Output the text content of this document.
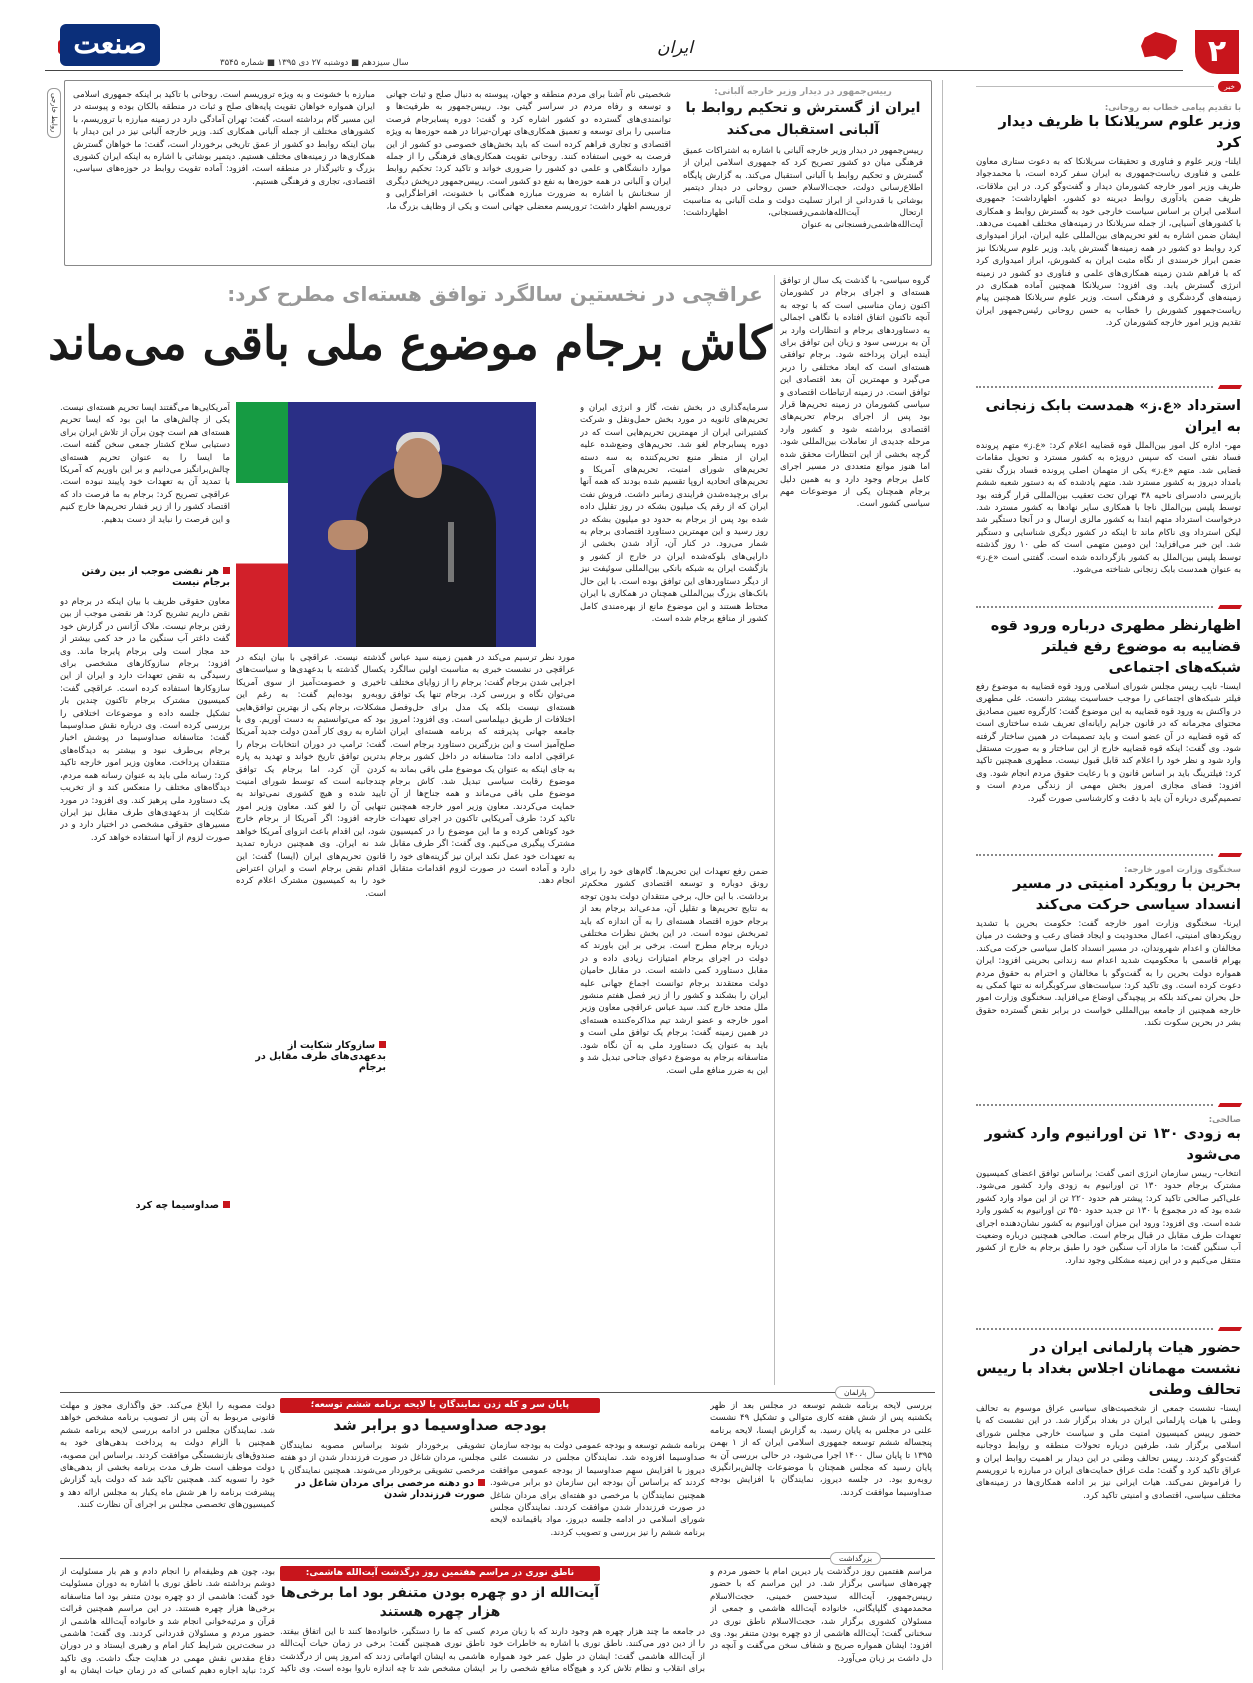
۲
ایران
صنعت
سال سیزدهم ■ دوشنبه ۲۷ دی ۱۳۹۵ ■ شماره ۳۵۴۵
روابط خارجی
خبر
با تقدیم پیامی خطاب به روحانی:
وزیر علوم سریلانکا با ظریف دیدار کرد
ایلنا- وزیر علوم و فناوری و تحقیقات سریلانکا که به دعوت ستاری معاون علمی و فناوری ریاست‌جمهوری به ایران سفر کرده است، با محمدجواد ظریف وزیر امور خارجه کشورمان دیدار و گفت‌وگو کرد. در این ملاقات، ظریف ضمن یادآوری روابط دیرینه دو کشور، اظهارداشت: جمهوری اسلامی ایران بر اساس سیاست خارجی خود به گسترش روابط و همکاری با کشورهای آسیایی، از جمله سریلانکا در زمینه‌های مختلف اهمیت می‌دهد. ایشان ضمن اشاره به لغو تحریم‌های بین‌المللی علیه ایران، ابراز امیدواری کرد روابط دو کشور در همه زمینه‌ها گسترش یابد. وزیر علوم سریلانکا نیز ضمن ابراز خرسندی از نگاه مثبت ایران به کشورش، ابراز امیدواری کرد که با فراهم شدن زمینه همکاری‌های علمی و فناوری دو کشور در زمینه انرژی گسترش یابد. وی افزود: سریلانکا همچنین آماده همکاری در زمینه‌های گردشگری و فرهنگی است. وزیر علوم سریلانکا همچنین پیام ریاست‌جمهور کشورش را خطاب به حسن روحانی رئیس‌جمهور ایران تقدیم وزیر امور خارجه کشورمان کرد.
استرداد «ع.ز» همدست بابک زنجانی به ایران
مهر- اداره کل امور بین‌الملل قوه قضاییه اعلام کرد: «ع.ز» متهم پرونده فساد نفتی است که سپس درویژه به کشور مسترد و تحویل مقامات قضایی شد. متهم «ع.ز» یکی از متهمان اصلی پرونده فساد بزرگ نفتی بامداد دیروز به کشور مسترد شد. متهم یادشده که به دستور شعبه ششم بازپرسی دادسرای ناحیه ۳۸ تهران تحت تعقیب بین‌المللی قرار گرفته بود توسط پلیس بین‌الملل ناجا با همکاری سایر نهادها به کشور مسترد شد. درخواست استرداد متهم ابتدا به کشور مالزی ارسال و در آنجا دستگیر شد لیکن استرداد وی ناکام ماند تا اینکه در کشور دیگری شناسایی و دستگیر شد. این خبر می‌افزاید: این دومین متهمی است که طی ۱۰ روز گذشته توسط پلیس بین‌الملل به کشور بازگردانده شده است. گفتنی است «ع.ز» به عنوان همدست بابک زنجانی شناخته می‌شود.
اظهارنظر مطهری درباره ورود قوه قضاییه به موضوع رفع فیلتر شبکه‌های اجتماعی
ایسنا- نایب رییس مجلس شورای اسلامی ورود قوه قضاییه به موضوع رفع فیلتر شبکه‌های اجتماعی را موجب حساسیت بیشتر دانست. علی مطهری در واکنش به ورود قوه قضاییه به این موضوع گفت: کارگروه تعیین مصادیق محتوای مجرمانه که در قانون جرایم رایانه‌ای تعریف شده ساختاری است که قوه قضاییه در آن عضو است و باید تصمیمات در همین ساختار گرفته شود. وی گفت: اینکه قوه قضاییه خارج از این ساختار و به صورت مستقل وارد شود و نظر خود را اعلام کند قابل قبول نیست. مطهری همچنین تاکید کرد: فیلترینگ باید بر اساس قانون و با رعایت حقوق مردم انجام شود. وی افزود: فضای مجازی امروز بخش مهمی از زندگی مردم است و تصمیم‌گیری درباره آن باید با دقت و کارشناسی صورت گیرد.
سخنگوی وزارت امور خارجه:
بحرین با رویکرد امنیتی در مسیر انسداد سیاسی حرکت می‌کند
ایرنا- سخنگوی وزارت امور خارجه گفت: حکومت بحرین با تشدید رویکردهای امنیتی، اعمال محدودیت و ایجاد فضای رعب و وحشت در میان مخالفان و اعدام شهروندان، در مسیر انسداد کامل سیاسی حرکت می‌کند. بهرام قاسمی با محکومیت شدید اعدام سه زندانی بحرینی افزود: ایران همواره دولت بحرین را به گفت‌وگو با مخالفان و احترام به حقوق مردم دعوت کرده است. وی تاکید کرد: سیاست‌های سرکوبگرانه نه تنها کمکی به حل بحران نمی‌کند بلکه بر پیچیدگی اوضاع می‌افزاید. سخنگوی وزارت امور خارجه همچنین از جامعه بین‌المللی خواست در برابر نقض گسترده حقوق بشر در بحرین سکوت نکند.
صالحی:
به زودی ۱۳۰ تن اورانیوم وارد کشور می‌شود
انتخاب- رییس سازمان انرژی اتمی گفت: براساس توافق اعضای کمیسیون مشترک برجام حدود ۱۳۰ تن اورانیوم به زودی وارد کشور می‌شود. علی‌اکبر صالحی تاکید کرد: پیشتر هم حدود ۲۲۰ تن از این مواد وارد کشور شده بود که در مجموع با ۱۳۰ تن جدید حدود ۳۵۰ تن اورانیوم به کشور وارد شده است. وی افزود: ورود این میزان اورانیوم به کشور نشان‌دهنده اجرای تعهدات طرف مقابل در قبال برجام است. صالحی همچنین درباره وضعیت آب سنگین گفت: ما مازاد آب سنگین خود را طبق برجام به خارج از کشور منتقل می‌کنیم و در این زمینه مشکلی وجود ندارد.
حضور هیات پارلمانی ایران در نشست مهمانان اجلاس بغداد با رییس تحالف وطنی
ایسنا- نشست جمعی از شخصیت‌های سیاسی عراق موسوم به تحالف وطنی با هیات پارلمانی ایران در بغداد برگزار شد. در این نشست که با حضور رییس کمیسیون امنیت ملی و سیاست خارجی مجلس شورای اسلامی برگزار شد، طرفین درباره تحولات منطقه و روابط دوجانبه گفت‌وگو کردند. رییس تحالف وطنی در این دیدار بر اهمیت روابط ایران و عراق تاکید کرد و گفت: ملت عراق حمایت‌های ایران در مبارزه با تروریسم را فراموش نمی‌کند. هیات ایرانی نیز بر ادامه همکاری‌ها در زمینه‌های مختلف سیاسی، اقتصادی و امنیتی تاکید کرد.
رییس‌جمهور در دیدار وزیر خارجه آلبانی:
ایران از گسترش و تحکیم روابط با آلبانی استقبال می‌کند
رییس‌جمهور در دیدار وزیر خارجه آلبانی با اشاره به اشتراکات عمیق فرهنگی میان دو کشور تصریح کرد که جمهوری اسلامی ایران از گسترش و تحکیم روابط با آلبانی استقبال می‌کند. به گزارش پایگاه اطلاع‌رسانی دولت، حجت‌الاسلام حسن روحانی در دیدار دیتمیر بوشاتی با قدردانی از ابراز تسلیت دولت و ملت آلبانی به مناسبت ارتحال آیت‌الله‌هاشمی‌رفسنجانی، اظهارداشت: آیت‌الله‌هاشمی‌رفسنجانی به عنوان
شخصیتی نام آشنا برای مردم منطقه و جهان، پیوسته به دنبال صلح و ثبات جهانی و توسعه و رفاه مردم در سراسر گیتی بود. رییس‌جمهور به ظرفیت‌ها و توانمندی‌های گسترده دو کشور اشاره کرد و گفت: دوره پسابرجام فرصت مناسبی را برای توسعه و تعمیق همکاری‌های تهران-تیرانا در همه حوزه‌ها به ویژه اقتصادی و تجاری فراهم کرده است که باید بخش‌های خصوصی دو کشور از این فرصت به خوبی استفاده کنند. روحانی تقویت همکاری‌های فرهنگی را از جمله موارد دانشگاهی و علمی دو کشور را ضروری خواند و تاکید کرد: تحکیم روابط ایران و آلبانی در همه حوزه‌ها به نفع دو کشور است. رییس‌جمهور درپخش دیگری از سخنانش با اشاره به ضرورت مبارزه همگانی با خشونت، افراط‌گرایی و تروریسم اظهار داشت: تروریسم معضلی جهانی است و یکی از وظایف بزرگ ما،
مبارزه با خشونت و به ویژه تروریسم است. روحانی با تاکید بر اینکه جمهوری اسلامی ایران همواره خواهان تقویت پایه‌های صلح و ثبات در منطقه بالکان بوده و پیوسته در این مسیر گام برداشته است، گفت: تهران آمادگی دارد در زمینه مبارزه با تروریسم، با کشورهای مختلف از جمله آلبانی همکاری کند. وزیر خارجه آلبانی نیز در این دیدار با بیان اینکه روابط دو کشور از عمق تاریخی برخوردار است، گفت: ما خواهان گسترش همکاری‌ها در زمینه‌های مختلف هستیم. دیتمیر بوشاتی با اشاره به اینکه ایران کشوری بزرگ و تاثیرگذار در منطقه است، افزود: آماده تقویت روابط در حوزه‌های سیاسی، اقتصادی، تجاری و فرهنگی هستیم.
عراقچی در نخستین سالگرد توافق هسته‌ای مطرح کرد:
کاش برجام موضوع ملی باقی می‌ماند
گروه سیاسی- با گذشت یک سال از توافق هسته‌ای و اجرای برجام در کشورمان اکنون زمان مناسبی است که با توجه به آنچه تاکنون اتفاق افتاده با نگاهی اجمالی به دستاوردهای برجام و انتظارات وارد بر آن به بررسی سود و زیان این توافق برای آینده ایران پرداخته شود. برجام توافقی هسته‌ای است که ابعاد مختلفی را دربر می‌گیرد و مهمترین آن بعد اقتصادی این توافق است. در زمینه ارتباطات اقتصادی و سیاسی کشورمان در زمینه تحریم‌ها قرار بود پس از اجرای برجام تحریم‌های اقتصادی برداشته شود و کشور وارد مرحله جدیدی از تعاملات بین‌المللی شود. گرچه بخشی از این انتظارات محقق شده اما هنوز موانع متعددی در مسیر اجرای کامل برجام وجود دارد و به همین دلیل برجام همچنان یکی از موضوعات مهم سیاسی کشور است.
سرمایه‌گذاری در بخش نفت، گاز و انرژی ایران و تحریم‌های ثانویه در مورد بخش حمل‌ونقل و شرکت کشتیرانی ایران از مهمترین تحریم‌هایی است که در دوره پسابرجام لغو شد. تحریم‌های وضع‌شده علیه ایران از منظر منبع تحریم‌کننده به سه دسته تحریم‌های شورای امنیت، تحریم‌های آمریکا و تحریم‌های اتحادیه اروپا تقسیم شده بودند که همه آنها برای برچیده‌شدن فرایندی زمانبر داشت. فروش نفت ایران که از رقم یک میلیون بشکه در روز تقلیل داده شده بود پس از برجام به حدود دو میلیون بشکه در روز رسید و این مهمترین دستاورد اقتصادی برجام به شمار می‌رود. در کنار آن، آزاد شدن بخشی از دارایی‌های بلوکه‌شده ایران در خارج از کشور و بازگشت ایران به شبکه بانکی بین‌المللی سوئیفت نیز از دیگر دستاوردهای این توافق بوده است. با این حال بانک‌های بزرگ بین‌المللی همچنان در همکاری با ایران محتاط هستند و این موضوع مانع از بهره‌مندی کامل کشور از منافع برجام شده است.
ضمن رفع تعهدات این تحریم‌ها. گام‌های خود را برای رونق دوباره و توسعه اقتصادی کشور محکم‌تر برداشت. با این حال، برخی منتقدان دولت بدون توجه به نتایج تحریم‌ها و تقلیل آن، مدعی‌اند برجام بعد از برجام حوزه اقتصاد هسته‌ای را به آن اندازه که باید ثمربخش نبوده است. در این بخش نظرات مختلفی درباره برجام مطرح است. برخی بر این باورند که دولت در اجرای برجام امتیازات زیادی داده و در مقابل دستاورد کمی داشته است. در مقابل حامیان دولت معتقدند برجام توانست اجماع جهانی علیه ایران را بشکند و کشور را از زیر فصل هفتم منشور ملل متحد خارج کند. سید عباس عراقچی معاون وزیر امور خارجه و عضو ارشد تیم مذاکره‌کننده هسته‌ای در همین زمینه گفت: برجام یک توافق ملی است و باید به عنوان یک دستاورد ملی به آن نگاه شود. متاسفانه برجام به موضوع دعوای جناحی تبدیل شد و این به ضرر منافع ملی است.
مورد نظر ترسیم می‌کند در همین زمینه سید عباس عراقچی در نشست خبری به مناسبت اولین سالگرد اجرایی شدن برجام گفت: برجام را از زوایای مختلف می‌توان نگاه و بررسی کرد. برجام تنها یک توافق هسته‌ای نیست بلکه یک مدل برای حل‌وفصل اختلافات از طریق دیپلماسی است. وی افزود: امروز جامعه جهانی پذیرفته که برنامه هسته‌ای ایران صلح‌آمیز است و این بزرگترین دستاورد برجام است. عراقچی ادامه داد: متاسفانه در داخل کشور برجام به جای اینکه به عنوان یک موضوع ملی باقی بماند به موضوع رقابت سیاسی تبدیل شد. کاش برجام موضوع ملی باقی می‌ماند و همه جناح‌ها از آن حمایت می‌کردند. معاون وزیر امور خارجه همچنین تاکید کرد: طرف آمریکایی تاکنون در اجرای تعهدات خود کوتاهی کرده و ما این موضوع را در کمیسیون مشترک پیگیری می‌کنیم. وی گفت: اگر طرف مقابل به تعهدات خود عمل نکند ایران نیز گزینه‌های خود را دارد و آماده است در صورت لزوم اقدامات متقابل انجام دهد.
گذشته نیست. عراقچی با بیان اینکه در یکسال گذشته با بدعهدی‌ها و سیاست‌های تاخیری و خصومت‌آمیز از سوی آمریکا روبه‌رو بوده‌ایم گفت: به رغم این مشکلات، برجام یکی از بهترین توافق‌هایی بود که می‌توانستیم به دست آوریم. وی با اشاره به روی کار آمدن دولت جدید آمریکا گفت: ترامپ در دوران انتخابات برجام را بدترین توافق تاریخ خواند و تهدید به پاره کردن آن کرد، اما برجام یک توافق چندجانبه است که توسط شورای امنیت تایید شده و هیچ کشوری نمی‌تواند به تنهایی آن را لغو کند. معاون وزیر امور خارجه افزود: اگر آمریکا از برجام خارج شود، این اقدام باعث انزوای آمریکا خواهد شد نه ایران. وی همچنین درباره تمدید قانون تحریم‌های ایران (ایسا) گفت: این اقدام نقض برجام است و ایران اعتراض خود را به کمیسیون مشترک اعلام کرده است.
سازوکار شکایت از بدعهدی‌های طرف مقابل در برجام
آمریکایی‌ها می‌گفتند ایسا تحریم هسته‌ای نیست. یکی از چالش‌های ما این بود که ایسا تحریم هسته‌ای هم است چون برآن از تلاش ایران برای دستیابی سلاح کشتار جمعی سخن گفته است. ما ایسا را به عنوان تحریم هسته‌ای چالش‌برانگیز می‌دانیم و بر این باوریم که آمریکا با تمدید آن به تعهدات خود پایبند نبوده است. عراقچی تصریح کرد: برجام به ما فرصت داد که اقتصاد کشور را از زیر فشار تحریم‌ها خارج کنیم و این فرصت را نباید از دست بدهیم.
هر نقضی موجب از بین رفتن برجام نیست
معاون حقوقی ظریف با بیان اینکه در برجام دو نقض داریم تشریح کرد: هر نقضی موجب از بین رفتن برجام نیست. ملاک آژانس در گزارش خود گفت داغتر آب سنگین ما در حد کمی بیشتر از حد مجاز است ولی برجام پابرجا ماند. وی افزود: برجام سازوکارهای مشخصی برای رسیدگی به نقض تعهدات دارد و ایران از این سازوکارها استفاده کرده است. عراقچی گفت: کمیسیون مشترک برجام تاکنون چندین بار تشکیل جلسه داده و موضوعات اختلافی را بررسی کرده است. وی درباره نقش صداوسیما گفت: متاسفانه صداوسیما در پوشش اخبار برجام بی‌طرف نبود و بیشتر به دیدگاه‌های منتقدان پرداخت. معاون وزیر امور خارجه تاکید کرد: رسانه ملی باید به عنوان رسانه همه مردم، دیدگاه‌های مختلف را منعکس کند و از تخریب یک دستاورد ملی پرهیز کند. وی افزود: در مورد شکایت از بدعهدی‌های طرف مقابل نیز ایران مسیرهای حقوقی مشخصی در اختیار دارد و در صورت لزوم از آنها استفاده خواهد کرد.
صداوسیما چه کرد
پارلمان
پایان سر و کله زدن نمایندگان با لایحه برنامه ششم توسعه؛
بودجه صداوسیما دو برابر شد
بررسی لایحه برنامه ششم توسعه در مجلس بعد از ظهر یکشنبه پس از شش هفته کاری متوالی و تشکیل ۴۹ نشست علنی در مجلس به پایان رسید. به گزارش ایسنا، لایحه برنامه پنجساله ششم توسعه جمهوری اسلامی ایران که از ۱ بهمن ۱۳۹۵ تا پایان سال ۱۴۰۰ اجرا می‌شود، در حالی بررسی آن به پایان رسید که مجلس همچنان با موضوعات چالش‌برانگیزی روبه‌رو بود. در جلسه دیروز، نمایندگان با افزایش بودجه صداوسیما موافقت کردند.
برنامه ششم توسعه و بودجه عمومی دولت به بودجه سازمان صداوسیما افزوده شد. نمایندگان مجلس در نشست علنی دیروز با افزایش سهم صداوسیما از بودجه عمومی موافقت کردند که براساس آن بودجه این سازمان دو برابر می‌شود. همچنین نمایندگان با مرخصی دو هفته‌ای برای مردان شاغل در صورت فرزنددار شدن موافقت کردند. نمایندگان مجلس شورای اسلامی در ادامه جلسه دیروز، مواد باقیمانده لایحه برنامه ششم را نیز بررسی و تصویب کردند.
دو دهنه مرخصی برای مردان شاغل در صورت فرزنددار شدن
تشویقی برخوردار شوند براساس مصوبه نمایندگان مجلس، مردان شاغل در صورت فرزنددار شدن از دو هفته مرخصی تشویقی برخوردار می‌شوند. همچنین نمایندگان با
دولت مصوبه را ابلاغ می‌کند. حق واگذاری مجوز و مهلت قانونی مربوط به آن پس از تصویب برنامه مشخص خواهد شد. نمایندگان مجلس در ادامه بررسی لایحه برنامه ششم همچنین با الزام دولت به پرداخت بدهی‌های خود به صندوق‌های بازنشستگی موافقت کردند. براساس این مصوبه، دولت موظف است ظرف مدت برنامه بخشی از بدهی‌های خود را تسویه کند. همچنین تاکید شد که دولت باید گزارش پیشرفت برنامه را هر شش ماه یکبار به مجلس ارائه دهد و کمیسیون‌های تخصصی مجلس بر اجرای آن نظارت کنند.
بزرگداشت
ناطق نوری در مراسم هفتمین روز درگذشت آیت‌الله هاشمی:
آیت‌الله از دو چهره بودن متنفر بود اما برخی‌ها هزار چهره هستند
مراسم هفتمین روز درگذشت یار دیرین امام با حضور مردم و چهره‌های سیاسی برگزار شد. در این مراسم که با حضور رییس‌جمهور، آیت‌الله سیدحسن خمینی، حجت‌الاسلام محمدمهدی گلپایگانی، خانواده آیت‌الله هاشمی و جمعی از مسئولان کشوری برگزار شد، حجت‌الاسلام ناطق نوری در سخنانی گفت: آیت‌الله هاشمی از دو چهره بودن متنفر بود. وی افزود: ایشان همواره صریح و شفاف سخن می‌گفت و آنچه در دل داشت بر زبان می‌آورد.
در جامعه ما چند هزار چهره هم وجود دارند که با زبان مردم را از دین دور می‌کنند. ناطق نوری با اشاره به خاطرات خود از آیت‌الله هاشمی گفت: ایشان در طول عمر خود همواره برای انقلاب و نظام تلاش کرد و هیچ‌گاه منافع شخصی را بر
کسی که ما را دستگیر، خانواده‌ها کنند تا این اتفاق بیفتد. ناطق نوری همچنین گفت: برخی در زمان حیات آیت‌الله هاشمی به ایشان اتهاماتی زدند که امروز پس از درگذشت ایشان مشخص شد تا چه اندازه ناروا بوده است. وی تاکید
بود، چون هم وظیفه‌ام را انجام دادم و هم بار مسئولیت از دوشم برداشته شد. ناطق نوری با اشاره به دوران مسئولیت خود گفت: هاشمی از دو چهره بودن متنفر بود اما متاسفانه برخی‌ها هزار چهره هستند. در این مراسم همچنین قرائت قرآن و مرثیه‌خوانی انجام شد و خانواده آیت‌الله هاشمی از حضور مردم و مسئولان قدردانی کردند. وی گفت: هاشمی در سخت‌ترین شرایط کنار امام و رهبری ایستاد و در دوران دفاع مقدس نقش مهمی در هدایت جنگ داشت. وی تاکید کرد: نباید اجازه دهیم کسانی که در زمان حیات ایشان به او
